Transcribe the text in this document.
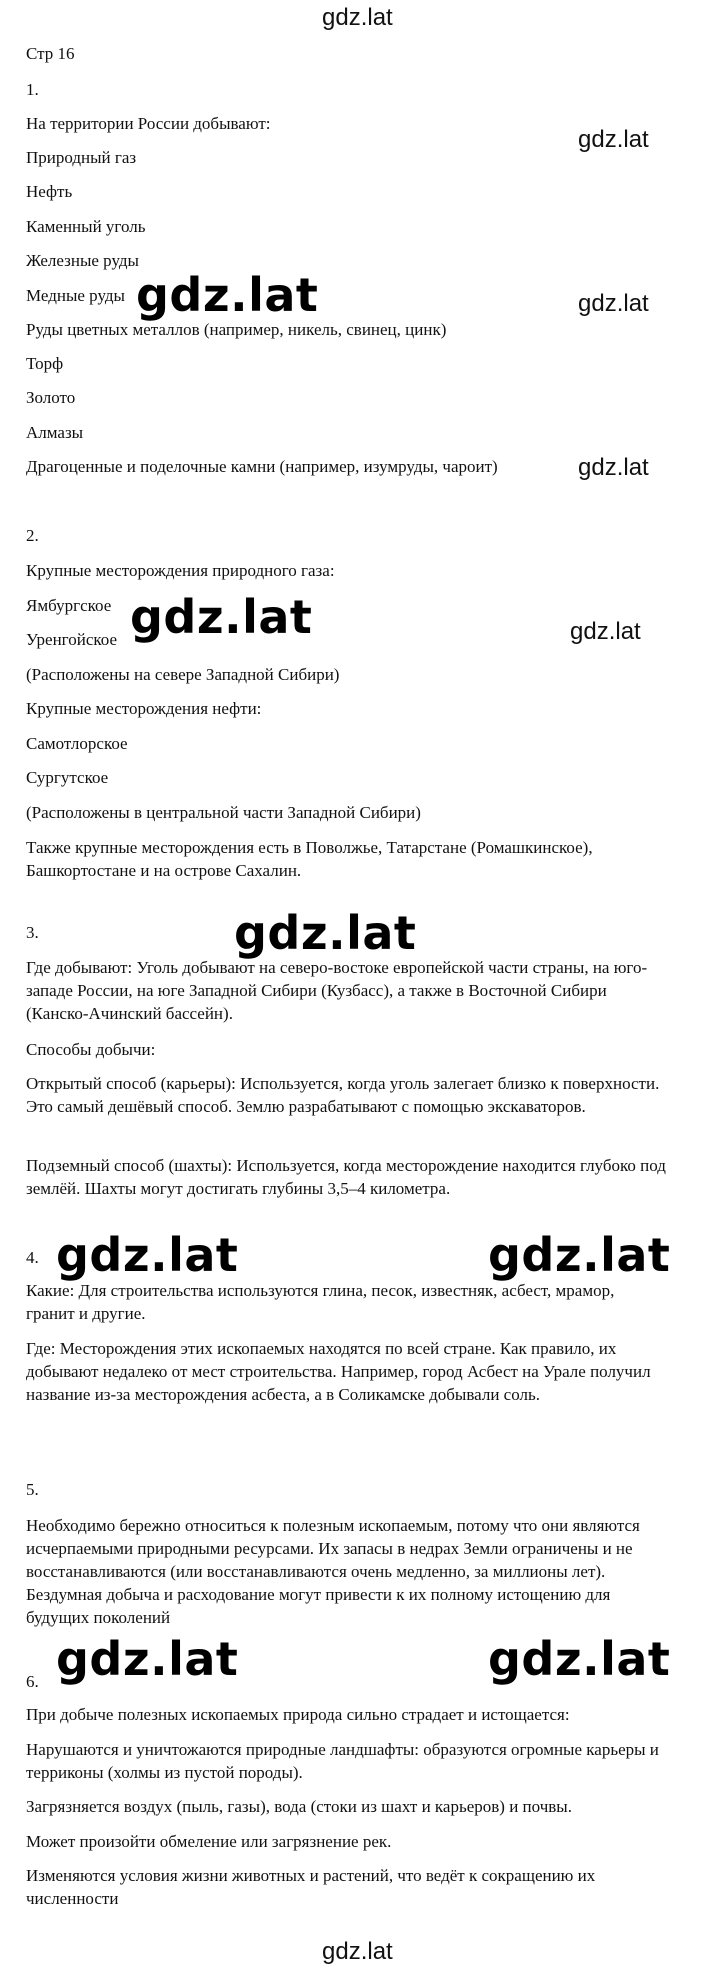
gdz.lat
gdz.lat
gdz.lat
gdz.lat
gdz.lat
gdz.lat
Стр 16
1.
На территории России добывают:
Природный газ
Нефть
Каменный уголь
Железные руды
Медные руды
Руды цветных металлов (например, никель, свинец, цинк)
Торф
Золото
Алмазы
Драгоценные и поделочные камни (например, изумруды, чароит)
2.
Крупные месторождения природного газа:
Ямбургское
Уренгойское
(Расположены на севере Западной Сибири)
Крупные месторождения нефти:
Самотлорское
Сургутское
(Расположены в центральной части Западной Сибири)
Также крупные месторождения есть в Поволжье, Татарстане (Ромашкинское), Башкортостане и на острове Сахалин.
3.
Где добывают: Уголь добывают на северо-востоке европейской части страны, на юго-западе России, на юге Западной Сибири (Кузбасс), а также в Восточной Сибири (Канско-Ачинский бассейн).
Способы добычи:
Открытый способ (карьеры): Используется, когда уголь залегает близко к поверхности. Это самый дешёвый способ. Землю разрабатывают с помощью экскаваторов.
Подземный способ (шахты): Используется, когда месторождение находится глубоко под землёй. Шахты могут достигать глубины 3,5–4 километра.
4.
Какие: Для строительства используются глина, песок, известняк, асбест, мрамор, гранит и другие.
Где: Месторождения этих ископаемых находятся по всей стране. Как правило, их добывают недалеко от мест строительства. Например, город Асбест на Урале получил название из-за месторождения асбеста, а в Соликамске добывали соль.
5.
Необходимо бережно относиться к полезным ископаемым, потому что они являются исчерпаемыми природными ресурсами. Их запасы в недрах Земли ограничены и не восстанавливаются (или восстанавливаются очень медленно, за миллионы лет). Бездумная добыча и расходование могут привести к их полному истощению для будущих поколений
6.
При добыче полезных ископаемых природа сильно страдает и истощается:
Нарушаются и уничтожаются природные ландшафты: образуются огромные карьеры и терриконы (холмы из пустой породы).
Загрязняется воздух (пыль, газы), вода (стоки из шахт и карьеров) и почвы.
Может произойти обмеление или загрязнение рек.
Изменяются условия жизни животных и растений, что ведёт к сокращению их численности
gdz.lat
gdz.lat
gdz.lat
gdz.lat	gdz.lat
gdz.lat	gdz.lat
